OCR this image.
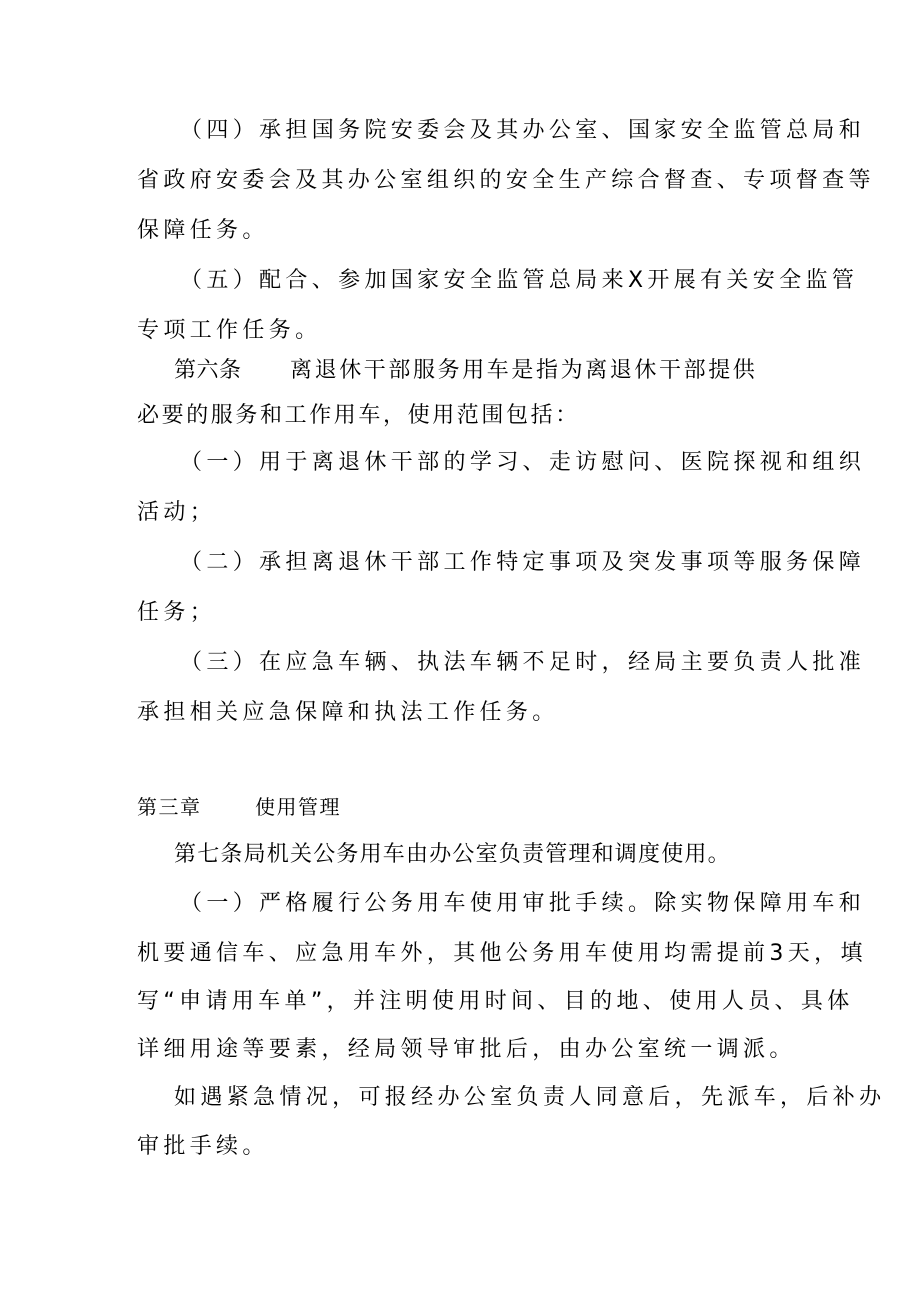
（四）承担国务院安委会及其办公室、国家安全监管总局和
省政府安委会及其办公室组织的安全生产综合督查、专项督查等
保障任务。
（五）配合、参加国家安全监管总局来X开展有关安全监管
专项工作任务。
第六条 离退休干部服务用车是指为离退休干部提供
必要的服务和工作用车，使用范围包括：
（一）用于离退休干部的学习、走访慰问、医院探视和组织
活动；
（二）承担离退休干部工作特定事项及突发事项等服务保障
任务；
（三）在应急车辆、执法车辆不足时，经局主要负责人批准
承担相关应急保障和执法工作任务。
第三章	使用管理
第七条局机关公务用车由办公室负责管理和调度使用。
（一）严格履行公务用车使用审批手续。除实物保障用车和
机要通信车、应急用车外，其他公务用车使用均需提前3天，填
写“申请用车单”，并注明使用时间、目的地、使用人员、具体
详细用途等要素，经局领导审批后，由办公室统一调派。
如遇紧急情况，可报经办公室负责人同意后，先派车，后补办
审批手续。
